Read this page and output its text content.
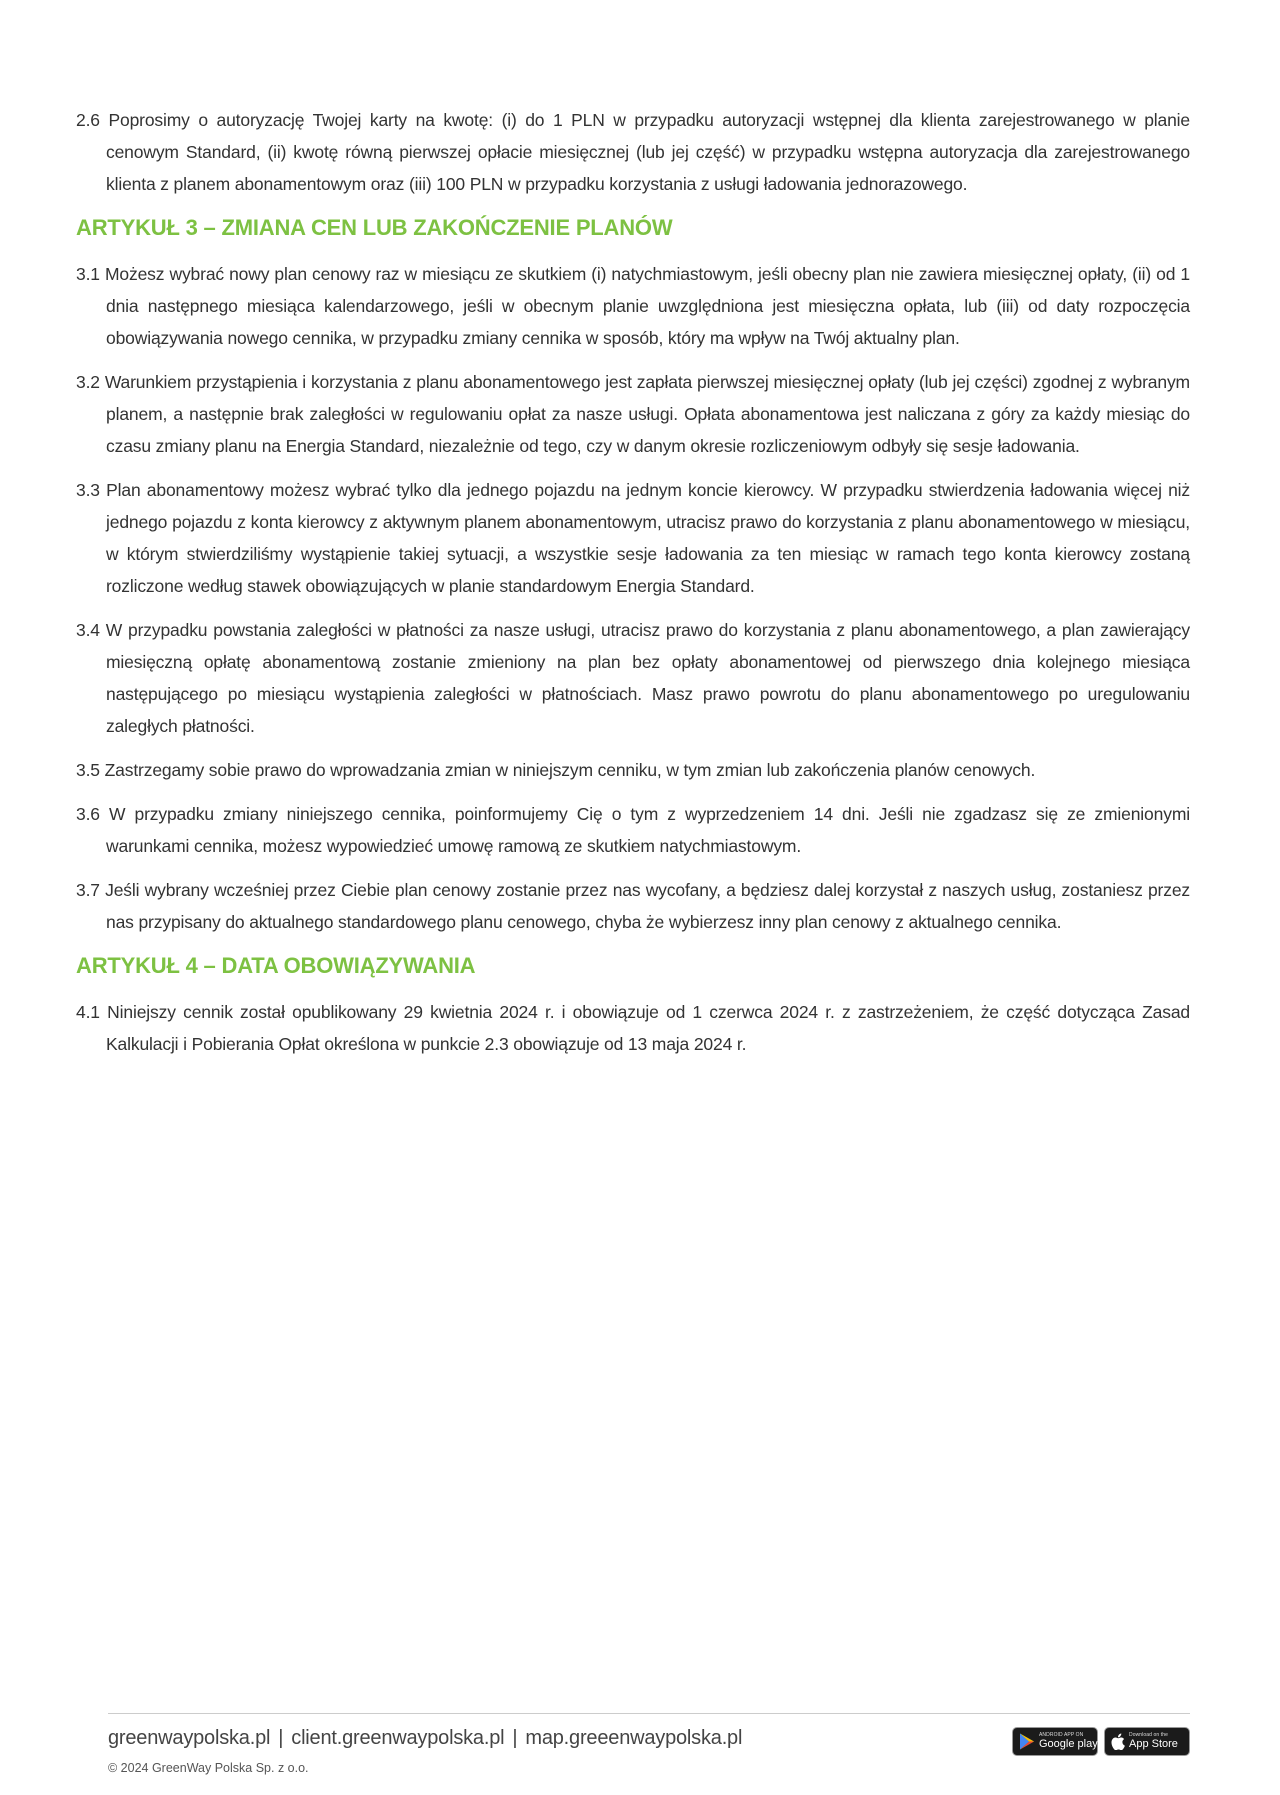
2.6 Poprosimy o autoryzację Twojej karty na kwotę: (i) do 1 PLN w przypadku autoryzacji wstępnej dla klienta zarejestrowanego w planie cenowym Standard, (ii) kwotę równą pierwszej opłacie miesięcznej (lub jej część) w przypadku wstępna autoryzacja dla zarejestrowanego klienta z planem abonamentowym oraz (iii) 100 PLN w przypadku korzystania z usługi ładowania jednorazowego.

ARTYKUŁ 3 – ZMIANA CEN LUB ZAKOŃCZENIE PLANÓW

3.1 Możesz wybrać nowy plan cenowy raz w miesiącu ze skutkiem (i) natychmiastowym, jeśli obecny plan nie zawiera miesięcznej opłaty, (ii) od 1 dnia następnego miesiąca kalendarzowego, jeśli w obecnym planie uwzględniona jest miesięczna opłata, lub (iii) od daty rozpoczęcia obowiązywania nowego cennika, w przypadku zmiany cennika w sposób, który ma wpływ na Twój aktualny plan.

3.2 Warunkiem przystąpienia i korzystania z planu abonamentowego jest zapłata pierwszej miesięcznej opłaty (lub jej części) zgodnej z wybranym planem, a następnie brak zaległości w regulowaniu opłat za nasze usługi. Opłata abonamentowa jest naliczana z góry za każdy miesiąc do czasu zmiany planu na Energia Standard, niezależnie od tego, czy w danym okresie rozliczeniowym odbyły się sesje ładowania.

3.3 Plan abonamentowy możesz wybrać tylko dla jednego pojazdu na jednym koncie kierowcy. W przypadku stwierdzenia ładowania więcej niż jednego pojazdu z konta kierowcy z aktywnym planem abonamentowym, utracisz prawo do korzystania z planu abonamentowego w miesiącu, w którym stwierdziliśmy wystąpienie takiej sytuacji, a wszystkie sesje ładowania za ten miesiąc w ramach tego konta kierowcy zostaną rozliczone według stawek obowiązujących w planie standardowym Energia Standard.

3.4 W przypadku powstania zaległości w płatności za nasze usługi, utracisz prawo do korzystania z planu abonamentowego, a plan zawierający miesięczną opłatę abonamentową zostanie zmieniony na plan bez opłaty abonamentowej od pierwszego dnia kolejnego miesiąca następującego po miesiącu wystąpienia zaległości w płatnościach. Masz prawo powrotu do planu abonamentowego po uregulowaniu zaległych płatności.

3.5 Zastrzegamy sobie prawo do wprowadzania zmian w niniejszym cenniku, w tym zmian lub zakończenia planów cenowych.

3.6 W przypadku zmiany niniejszego cennika, poinformujemy Cię o tym z wyprzedzeniem 14 dni. Jeśli nie zgadzasz się ze zmienionymi warunkami cennika, możesz wypowiedzieć umowę ramową ze skutkiem natychmiastowym.

3.7 Jeśli wybrany wcześniej przez Ciebie plan cenowy zostanie przez nas wycofany, a będziesz dalej korzystał z naszych usług, zostaniesz przez nas przypisany do aktualnego standardowego planu cenowego, chyba że wybierzesz inny plan cenowy z aktualnego cennika.

ARTYKUŁ 4 – DATA OBOWIĄZYWANIA

4.1 Niniejszy cennik został opublikowany 29 kwietnia 2024 r. i obowiązuje od 1 czerwca 2024 r. z zastrzeżeniem, że część dotycząca Zasad Kalkulacji i Pobierania Opłat określona w punkcie 2.3 obowiązuje od 13 maja 2024 r.

greenwaypolska.pl | client.greenwaypolska.pl | map.greeenwaypolska.pl
© 2024 GreenWay Polska Sp. z o.o.
ANDROID APP ON
Google play
Download on the
App Store
